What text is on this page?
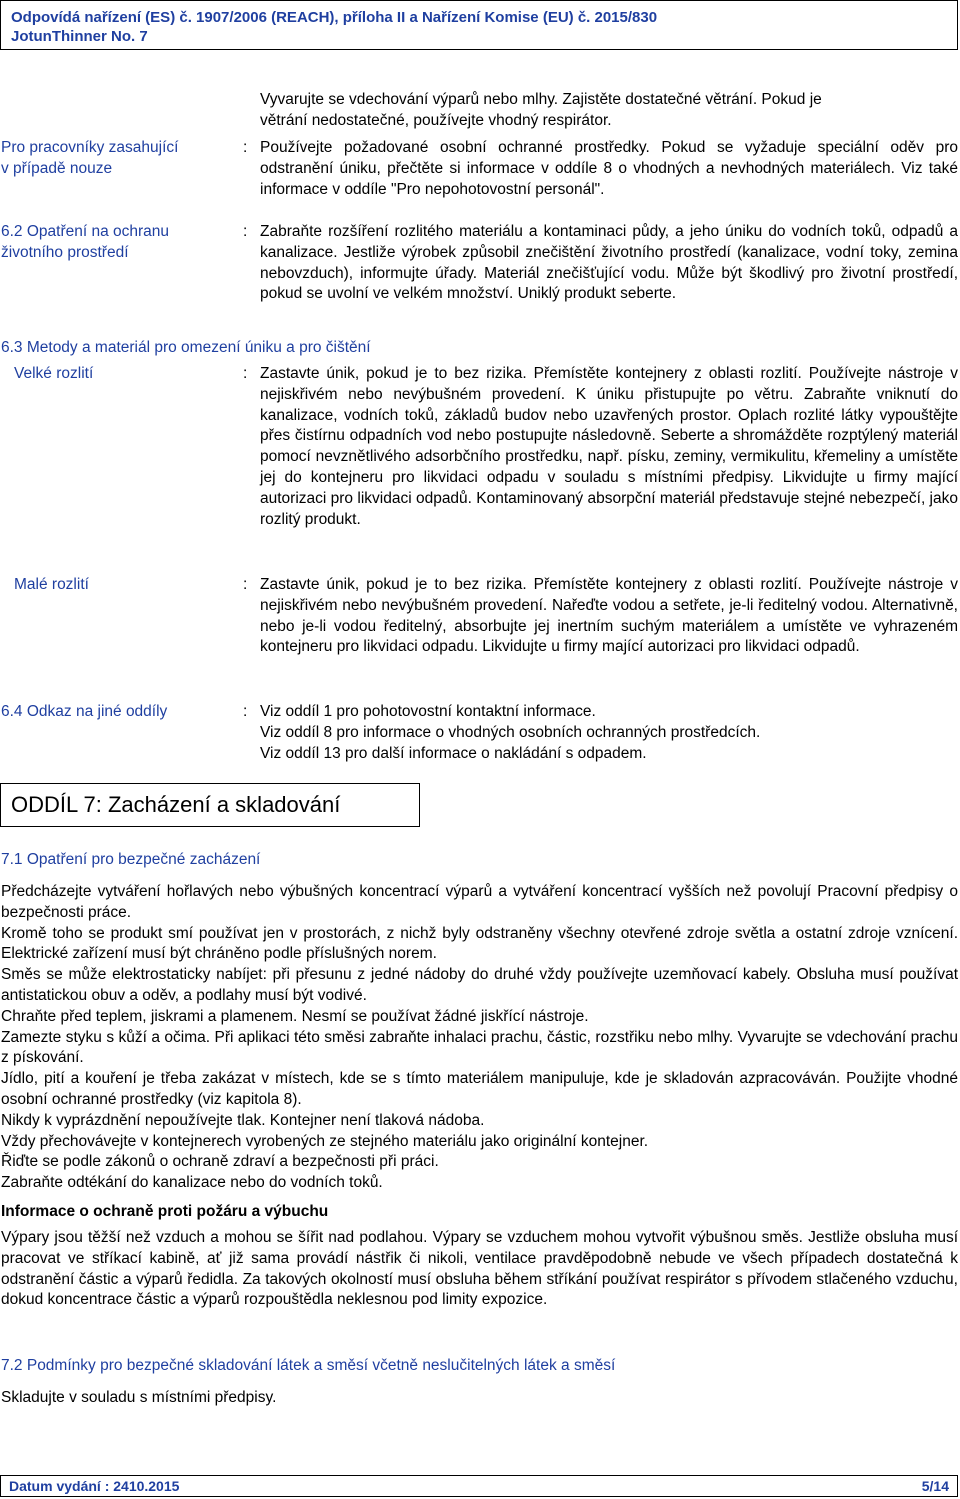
Odpovídá nařízení (ES) č. 1907/2006 (REACH), příloha II a Nařízení Komise (EU) č. 2015/830
JotunThinner No. 7
Vyvarujte se vdechování výparů nebo mlhy. Zajistěte dostatečné větrání. Pokud je
větrání nedostatečné, používejte vhodný respirátor.
Pro pracovníky zasahující
v případě nouze
: Používejte požadované osobní ochranné prostředky. Pokud se vyžaduje speciální oděv pro odstranění úniku, přečtěte si informace v oddíle 8 o vhodných a nevhodných materiálech. Viz také informace v oddíle "Pro nepohotovostní personál".
6.2 Opatření na ochranu
životního prostředí
: Zabraňte rozšíření rozlitého materiálu a kontaminaci půdy, a jeho úniku do vodních toků, odpadů a kanalizace. Jestliže výrobek způsobil znečištění životního prostředí (kanalizace, vodní toky, zemina nebovzduch), informujte úřady. Materiál znečišťující vodu. Může být škodlivý pro životní prostředí, pokud se uvolní ve velkém množství. Uniklý produkt seberte.
6.3 Metody a materiál pro omezení úniku a pro čištění
Velké rozlití	: Zastavte únik, pokud je to bez rizika. Přemístěte kontejnery z oblasti rozlití. Používejte nástroje v nejiskřivém nebo nevýbušném provedení. K úniku přistupujte po větru. Zabraňte vniknutí do kanalizace, vodních toků, základů budov nebo uzavřených prostor. Oplach rozlité látky vypouštějte přes čistírnu odpadních vod nebo postupujte následovně. Seberte a shromážděte rozptýlený materiál pomocí nevznětlivého adsorbčního prostředku, např. písku, zeminy, vermikulitu, křemeliny a umístěte jej do kontejneru pro likvidaci odpadu v souladu s místními předpisy. Likvidujte u firmy mající autorizaci pro likvidaci odpadů. Kontaminovaný absorpční materiál představuje stejné nebezpečí, jako rozlitý produkt.
Malé rozlití	: Zastavte únik, pokud je to bez rizika. Přemístěte kontejnery z oblasti rozlití. Používejte nástroje v nejiskřivém nebo nevýbušném provedení. Nařeďte vodou a setřete, je-li ředitelný vodou. Alternativně, nebo je-li vodou ředitelný, absorbujte jej inertním suchým materiálem a umístěte ve vyhrazeném kontejneru pro likvidaci odpadu. Likvidujte u firmy mající autorizaci pro likvidaci odpadů.
6.4 Odkaz na jiné oddíly	: Viz oddíl 1 pro pohotovostní kontaktní informace.
Viz oddíl 8 pro informace o vhodných osobních ochranných prostředcích.
Viz oddíl 13 pro další informace o nakládání s odpadem.
ODDÍL 7: Zacházení a skladování
7.1 Opatření pro bezpečné zacházení
Předcházejte vytváření hořlavých nebo výbušných koncentrací výparů a vytváření koncentrací vyšších než povolují Pracovní předpisy o bezpečnosti práce.
Kromě toho se produkt smí používat jen v prostorách, z nichž byly odstraněny všechny otevřené zdroje světla a ostatní zdroje vznícení. Elektrické zařízení musí být chráněno podle příslušných norem.
Směs se může elektrostaticky nabíjet: při přesunu z jedné nádoby do druhé vždy používejte uzemňovací kabely. Obsluha musí používat antistatickou obuv a oděv, a podlahy musí být vodivé.
Chraňte před teplem, jiskrami a plamenem. Nesmí se používat žádné jiskřící nástroje.
Zamezte styku s kůží a očima. Při aplikaci této směsi zabraňte inhalaci prachu, částic, rozstřiku nebo mlhy. Vyvarujte se vdechování prachu z pískování.
Jídlo, pití a kouření je třeba zakázat v místech, kde se s tímto materiálem manipuluje, kde je skladován azpracováván. Použijte vhodné osobní ochranné prostředky (viz kapitola 8).
Nikdy k vyprázdnění nepoužívejte tlak. Kontejner není tlaková nádoba.
Vždy přechovávejte v kontejnerech vyrobených ze stejného materiálu jako originální kontejner.
Řiďte se podle zákonů o ochraně zdraví a bezpečnosti při práci.
Zabraňte odtékání do kanalizace nebo do vodních toků.
Informace o ochraně proti požáru a výbuchu
Výpary jsou těžší než vzduch a mohou se šířit nad podlahou. Výpary se vzduchem mohou vytvořit výbušnou směs. Jestliže obsluha musí pracovat ve stříkací kabině, ať již sama provádí nástřik či nikoli, ventilace pravděpodobně nebude ve všech případech dostatečná k odstranění částic a výparů ředidla. Za takových okolností musí obsluha během stříkání používat respirátor s přívodem stlačeného vzduchu, dokud koncentrace částic a výparů rozpouštědla neklesnou pod limity expozice.
7.2 Podmínky pro bezpečné skladování látek a směsí včetně neslučitelných látek a směsí
Skladujte v souladu s místními předpisy.
Datum vydání : 2410.2015	5/14
